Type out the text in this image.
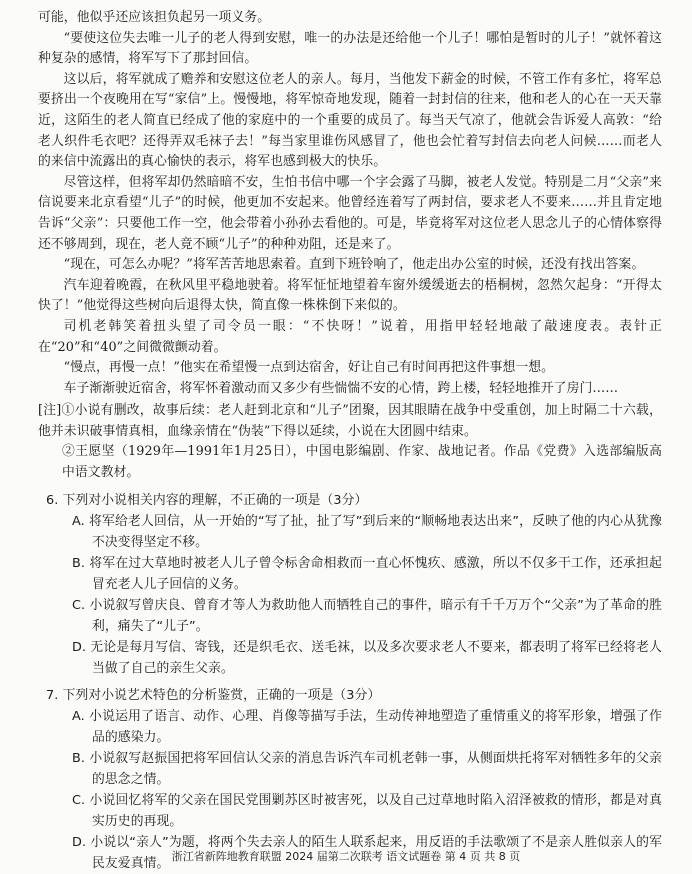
可能，他似乎还应该担负起另一项义务。

“要使这位失去唯一儿子的老人得到安慰，唯一的办法是还给他一个儿子！哪怕是暂时的儿子！”就怀着这种复杂的感情，将军写下了那封回信。

这以后，将军就成了赡养和安慰这位老人的亲人。每月，当他发下薪金的时候，不管工作有多忙，将军总要挤出一个夜晚用在写“家信”上。慢慢地，将军惊奇地发现，随着一封封信的往来，他和老人的心在一天天靠近，这陌生的老人简直已经成了他的家庭中的一个重要的成员了。每当天气凉了，他就会告诉爱人高敦：“给老人织件毛衣吧？还得弄双毛袜子去！”每当家里谁伤风感冒了，他也会忙着写封信去向老人问候……而老人的来信中流露出的真心愉快的表示，将军也感到极大的快乐。

尽管这样，但将军却仍然暗暗不安，生怕书信中哪一个字会露了马脚，被老人发觉。特别是二月“父亲”来信说要来北京看望“儿子”的时候，他更加不安起来。他曾经连着写了两封信，要求老人不要来……并且肯定地告诉“父亲”：只要他工作一空，他会带着小孙孙去看他的。可是，毕竟将军对这位老人思念儿子的心情体察得还不够周到，现在，老人竟不顾“儿子”的种种劝阻，还是来了。

“现在，可怎么办呢？”将军苦苦地思索着。直到下班铃响了，他走出办公室的时候，还没有找出答案。

汽车迎着晚霞，在秋风里平稳地驶着。将军怔怔地望着车窗外缓缓逝去的梧桐树，忽然欠起身：“开得太快了！”他觉得这些树向后退得太快，简直像一株株倒下来似的。

司机老韩笑着扭头望了司令员一眼：“不快呀！”说着，用指甲轻轻地敲了敲速度表。表针正在“20”和“40”之间微微颤动着。

“慢点，再慢一点！”他实在希望慢一点到达宿舍，好让自己有时间再把这件事想一想。

车子渐渐驶近宿舍，将军怀着激动而又多少有些惴惴不安的心情，跨上楼，轻轻地推开了房门……

[注]①小说有删改，故事后续：老人赶到北京和“儿子”团聚，因其眼睛在战争中受重创，加上时隔二十六载，他并未识破事情真相，血缘亲情在“伪装”下得以延续，小说在大团圆中结束。

②王愿坚（1929年—1991年1月25日），中国电影编剧、作家、战地记者。作品《党费》入选部编版高中语文教材。

6. 下列对小说相关内容的理解，不正确的一项是（3分）

A. 将军给老人回信，从一开始的“写了扯，扯了写”到后来的“顺畅地表达出来”，反映了他的内心从犹豫不决变得坚定不移。

B. 将军在过大草地时被老人儿子曾令标舍命相救而一直心怀愧疚、感激，所以不仅多干工作，还承担起冒充老人儿子回信的义务。

C. 小说叙写曾庆良、曾育才等人为救助他人而牺牲自己的事件，暗示有千千万万个“父亲”为了革命的胜利，痛失了“儿子”。

D. 无论是每月写信、寄钱，还是织毛衣、送毛袜，以及多次要求老人不要来，都表明了将军已经将老人当做了自己的亲生父亲。

7. 下列对小说艺术特色的分析鉴赏，正确的一项是（3分）

A. 小说运用了语言、动作、心理、肖像等描写手法，生动传神地塑造了重情重义的将军形象，增强了作品的感染力。

B. 小说叙写赵振国把将军回信认父亲的消息告诉汽车司机老韩一事，从侧面烘托将军对牺牲多年的父亲的思念之情。

C. 小说回忆将军的父亲在国民党围剿苏区时被害死，以及自己过草地时陷入沼泽被救的情形，都是对真实历史的再现。

D. 小说以“亲人”为题，将两个失去亲人的陌生人联系起来，用反语的手法歌颂了不是亲人胜似亲人的军民友爱真情。 浙江省新阵地教育联盟 2024 届第二次联考 语文试题卷 第 4 页 共 8 页
